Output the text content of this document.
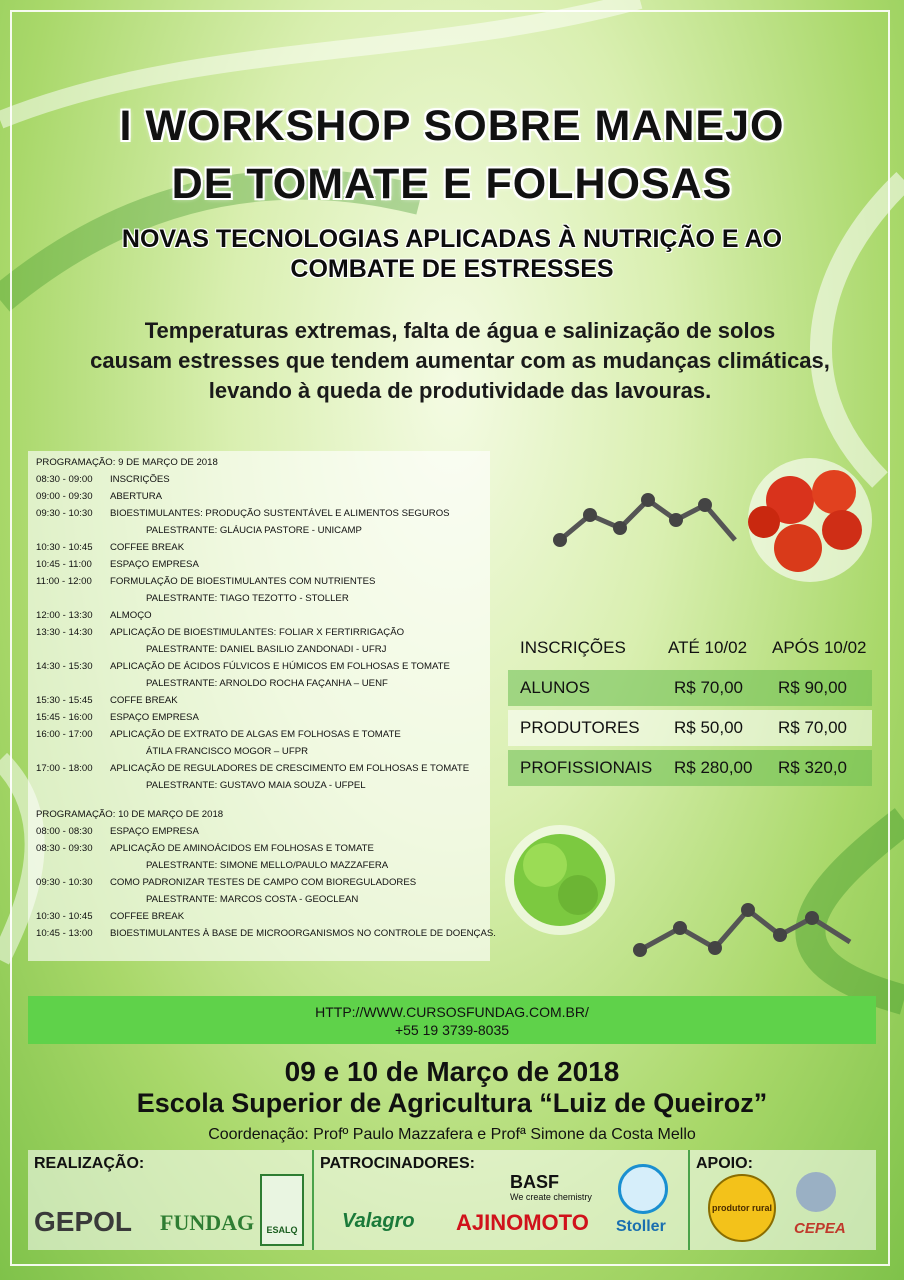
I WORKSHOP SOBRE MANEJO
DE TOMATE E FOLHOSAS
NOVAS TECNOLOGIAS APLICADAS À NUTRIÇÃO E AO
COMBATE DE ESTRESSES
Temperaturas extremas, falta de água e salinização de solos
causam estresses que tendem aumentar com as mudanças climáticas,
levando à queda de produtividade das lavouras.
PROGRAMAÇÃO: 9 DE MARÇO DE 2018
08:30 - 09:00 INSCRIÇÕES
09:00 - 09:30 ABERTURA
09:30 - 10:30 BIOESTIMULANTES: PRODUÇÃO SUSTENTÁVEL E ALIMENTOS SEGUROS
PALESTRANTE: GLÁUCIA PASTORE - UNICAMP
10:30 - 10:45 COFFEE BREAK
10:45 - 11:00 ESPAÇO EMPRESA
11:00 - 12:00 FORMULAÇÃO DE BIOESTIMULANTES COM NUTRIENTES
PALESTRANTE: TIAGO TEZOTTO - STOLLER
12:00 - 13:30 ALMOÇO
13:30 - 14:30 APLICAÇÃO DE BIOESTIMULANTES: FOLIAR X FERTIRRIGAÇÃO
PALESTRANTE: DANIEL BASILIO ZANDONADI - UFRJ
14:30 - 15:30 APLICAÇÃO DE ÁCIDOS FÚLVICOS E HÚMICOS EM FOLHOSAS E TOMATE
PALESTRANTE: ARNOLDO ROCHA FAÇANHA – UENF
15:30 - 15:45 COFFE BREAK
15:45 - 16:00 ESPAÇO EMPRESA
16:00 - 17:00 APLICAÇÃO DE EXTRATO DE ALGAS EM FOLHOSAS E TOMATE
ÁTILA FRANCISCO MOGOR – UFPR
17:00 - 18:00 APLICAÇÃO DE REGULADORES DE CRESCIMENTO EM FOLHOSAS E TOMATE
PALESTRANTE: GUSTAVO MAIA SOUZA - UFPEL
PROGRAMAÇÃO: 10 DE MARÇO DE 2018
08:00 - 08:30 ESPAÇO EMPRESA
08:30 - 09:30 APLICAÇÃO DE AMINOÁCIDOS EM FOLHOSAS E TOMATE
PALESTRANTE: SIMONE MELLO/PAULO MAZZAFERA
09:30 - 10:30 COMO PADRONIZAR TESTES DE CAMPO COM BIOREGULADORES
PALESTRANTE: MARCOS COSTA - GEOCLEAN
10:30 - 10:45 COFFEE BREAK
10:45 - 13:00 BIOESTIMULANTES À BASE DE MICROORGANISMOS NO CONTROLE DE DOENÇAS.
INSCRIÇÕES ATÉ 10/02 APÓS 10/02
ALUNOS	R$ 70,00 R$ 90,00
PRODUTORES R$ 50,00 R$ 70,00
PROFISSIONAIS R$ 280,00 R$ 320,0
HTTP://WWW.CURSOSFUNDAG.COM.BR/
+55 19 3739-8035
09 e 10 de Março de 2018
Escola Superior de Agricultura “Luiz de Queiroz”
Coordenação: Profº Paulo Mazzafera e Profª Simone da Costa Mello
REALIZAÇÃO:	PATROCINADORES:	APOIO:
GEPOL FUNDAG	ESALQ
BASF
We create chemistry
Valagro AJINOMOTO Stoller
produtor rural
CEPEA
